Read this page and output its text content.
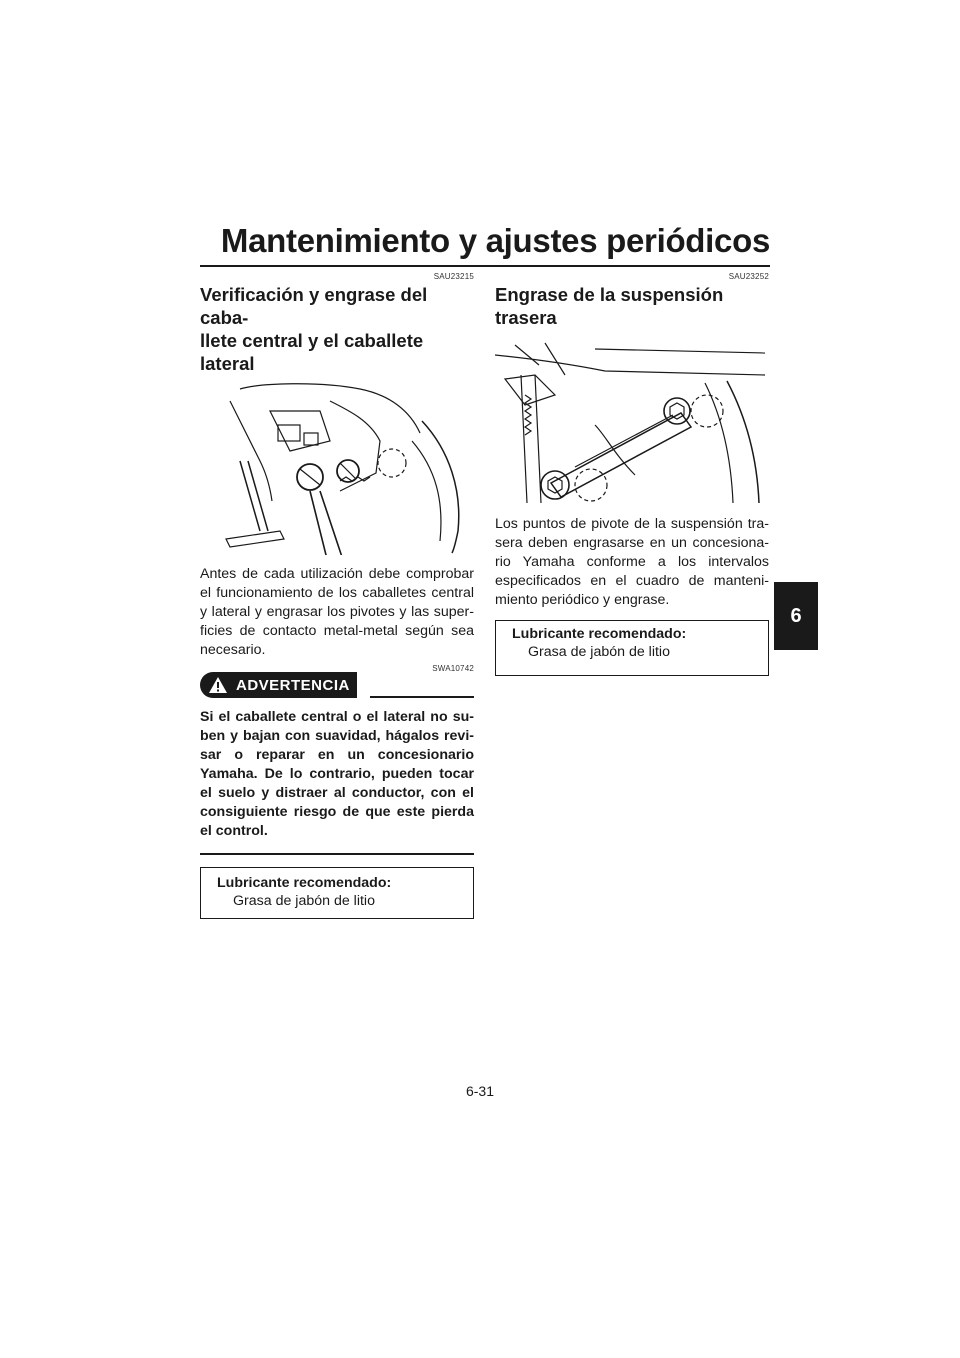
Mantenimiento y ajustes periódicos
6
SAU23215
Verificación y engrase del caba-
llete central y el caballete lateral
Antes de cada utilización debe comprobar el funcionamiento de los caballetes central y lateral y engrasar los pivotes y las super-ficies de contacto metal-metal según sea necesario.
SWA10742
ADVERTENCIA
Si el caballete central o el lateral no su-ben y bajan con suavidad, hágalos revi-sar o reparar en un concesionario Yamaha. De lo contrario, pueden tocar el suelo y distraer al conductor, con el consiguiente riesgo de que este pierda el control.
Lubricante recomendado:
Grasa de jabón de litio
SAU23252
Engrase de la suspensión trasera
Los puntos de pivote de la suspensión tra-sera deben engrasarse en un concesiona-rio Yamaha conforme a los intervalos especificados en el cuadro de manteni-miento periódico y engrase.
Lubricante recomendado:
Grasa de jabón de litio
6-31
